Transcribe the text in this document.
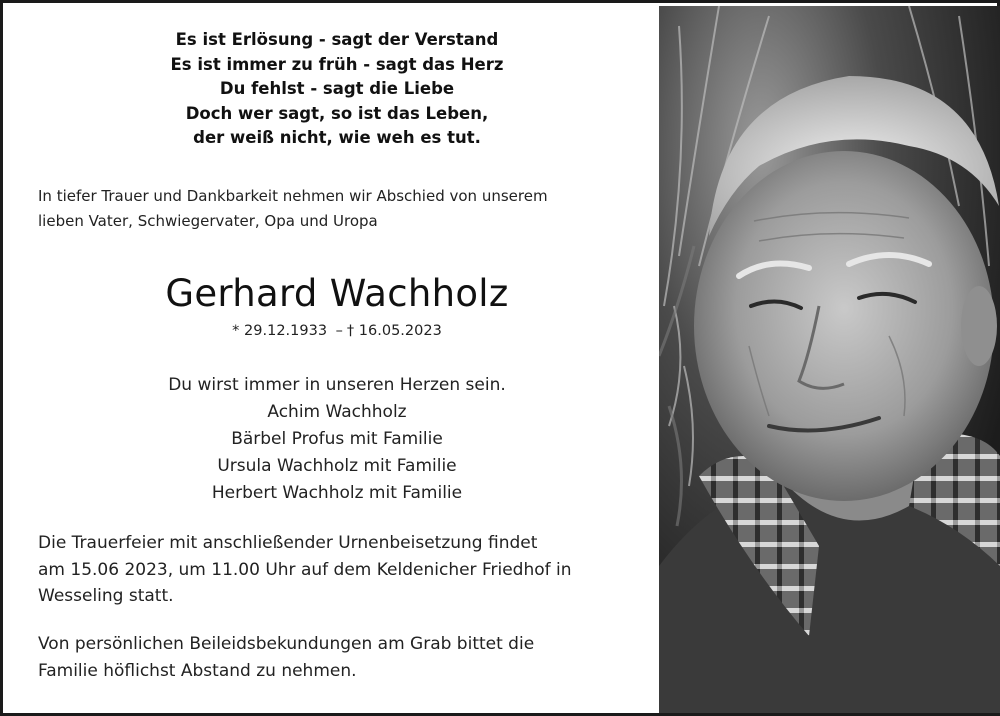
Es ist Erlösung - sagt der Verstand
Es ist immer zu früh - sagt das Herz
Du fehlst - sagt die Liebe
Doch wer sagt, so ist das Leben,
der weiß nicht, wie weh es tut.
In tiefer Trauer und Dankbarkeit nehmen wir Abschied von unserem
lieben Vater, Schwiegervater, Opa und Uropa
Gerhard Wachholz
* 29.12.1933 – † 16.05.2023
Du wirst immer in unseren Herzen sein.
Achim Wachholz
Bärbel Profus mit Familie
Ursula Wachholz mit Familie
Herbert Wachholz mit Familie
Die Trauerfeier mit anschließender Urnenbeisetzung findet
am 15.06 2023, um 11.00 Uhr auf dem Keldenicher Friedhof in
Wesseling statt.
Von persönlichen Beileidsbekundungen am Grab bittet die
Familie höflichst Abstand zu nehmen.
